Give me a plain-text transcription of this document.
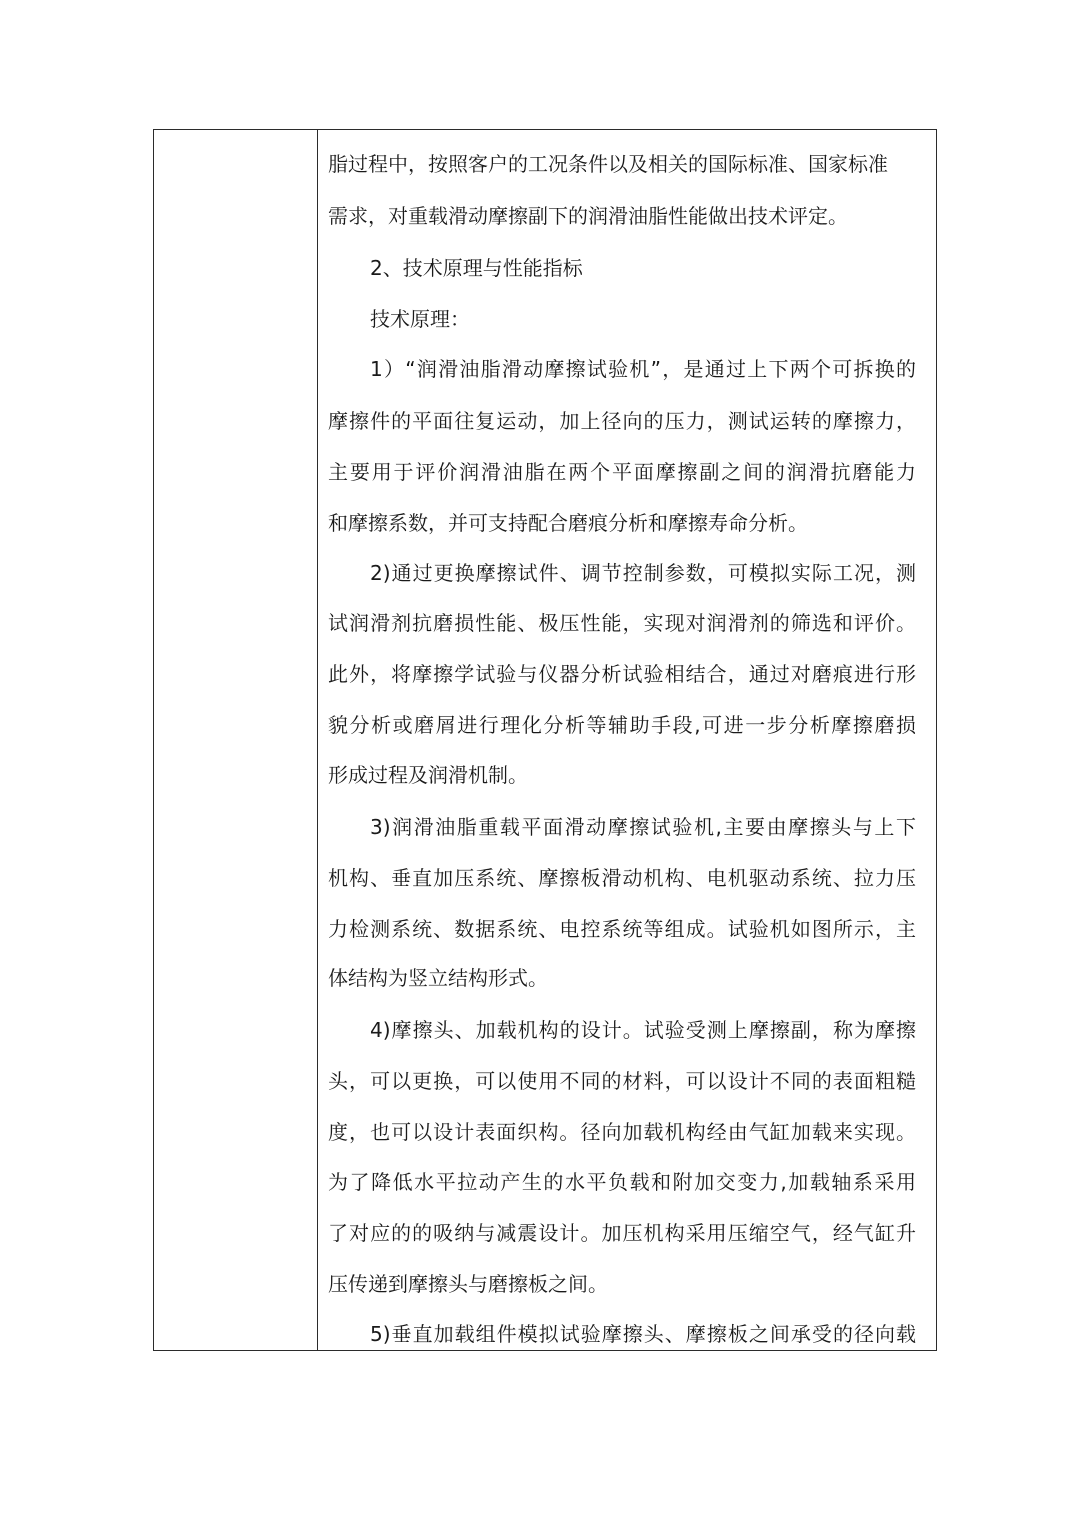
脂过程中，按照客户的工况条件以及相关的国际标准、国家标准
需求，对重载滑动摩擦副下的润滑油脂性能做出技术评定。
2、技术原理与性能指标
技术原理：
1）“润滑油脂滑动摩擦试验机”，是通过上下两个可拆换的
摩擦件的平面往复运动，加上径向的压力，测试运转的摩擦力，
主要用于评价润滑油脂在两个平面摩擦副之间的润滑抗磨能力
和摩擦系数，并可支持配合磨痕分析和摩擦寿命分析。
2)通过更换摩擦试件、调节控制参数，可模拟实际工况，测
试润滑剂抗磨损性能、极压性能，实现对润滑剂的筛选和评价。
此外，将摩擦学试验与仪器分析试验相结合，通过对磨痕进行形
貌分析或磨屑进行理化分析等辅助手段,可进一步分析摩擦磨损
形成过程及润滑机制。
3)润滑油脂重载平面滑动摩擦试验机,主要由摩擦头与上下
机构、垂直加压系统、摩擦板滑动机构、电机驱动系统、拉力压
力检测系统、数据系统、电控系统等组成。试验机如图所示，主
体结构为竖立结构形式。
4)摩擦头、加载机构的设计。试验受测上摩擦副，称为摩擦
头，可以更换，可以使用不同的材料，可以设计不同的表面粗糙
度，也可以设计表面织构。径向加载机构经由气缸加载来实现。
为了降低水平拉动产生的水平负载和附加交变力,加载轴系采用
了对应的的吸纳与减震设计。加压机构采用压缩空气，经气缸升
压传递到摩擦头与磨擦板之间。
5)垂直加载组件模拟试验摩擦头、摩擦板之间承受的径向载
